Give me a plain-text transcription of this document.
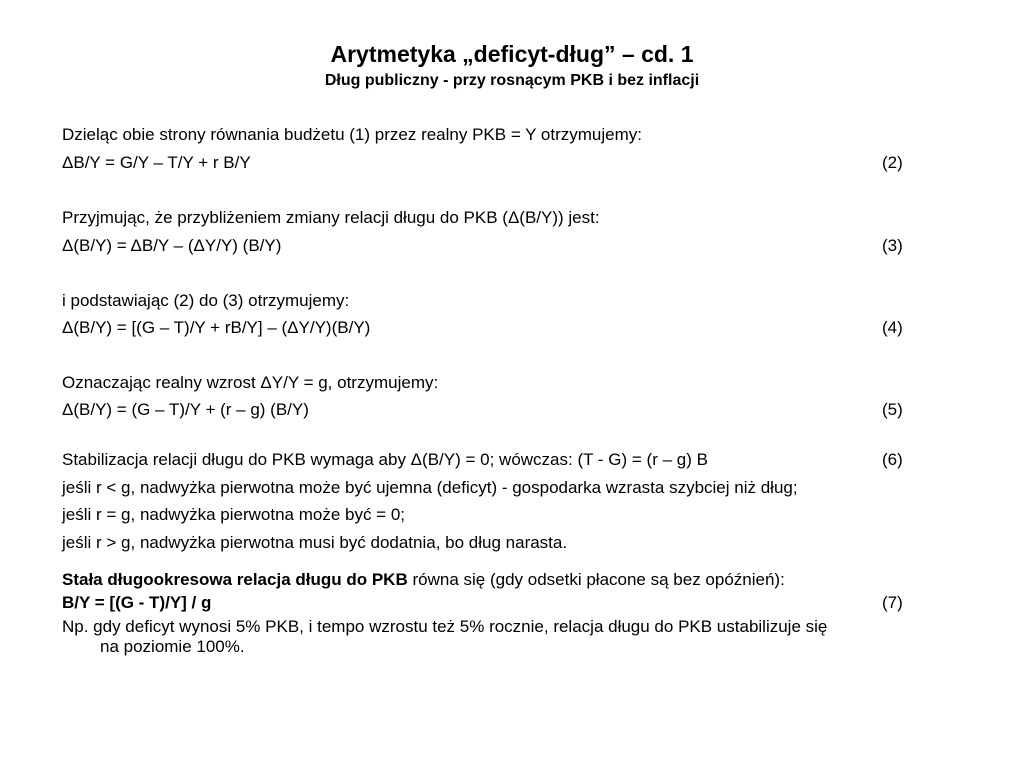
Arytmetyka „deficyt-dług” – cd. 1
Dług publiczny - przy rosnącym PKB i bez inflacji
Dzieląc obie strony równania budżetu (1) przez realny PKB = Y otrzymujemy:
ΔB/Y = G/Y – T/Y + r B/Y	(2)
Przyjmując, że przybliżeniem zmiany relacji długu do PKB (Δ(B/Y)) jest:
Δ(B/Y) = ΔB/Y – (ΔY/Y) (B/Y)	(3)
i podstawiając (2) do (3) otrzymujemy:
Δ(B/Y) = [(G – T)/Y + rB/Y] – (ΔY/Y)(B/Y)	(4)
Oznaczając realny wzrost ΔY/Y = g, otrzymujemy:
Δ(B/Y) = (G – T)/Y + (r – g) (B/Y)	(5)
Stabilizacja relacji długu do PKB wymaga aby Δ(B/Y) = 0; wówczas: (T - G) = (r – g) B	(6)
jeśli r < g, nadwyżka pierwotna może być ujemna (deficyt) - gospodarka wzrasta szybciej niż dług;
jeśli r = g, nadwyżka pierwotna może być = 0;
jeśli r > g, nadwyżka pierwotna musi być dodatnia, bo dług narasta.
Stała długookresowa relacja długu do PKB równa się (gdy odsetki płacone są bez opóźnień):
B/Y = [(G - T)/Y] / g	(7)
Np. gdy deficyt wynosi 5% PKB, i tempo wzrostu też 5% rocznie, relacja długu do PKB ustabilizuje się
na poziomie 100%.
